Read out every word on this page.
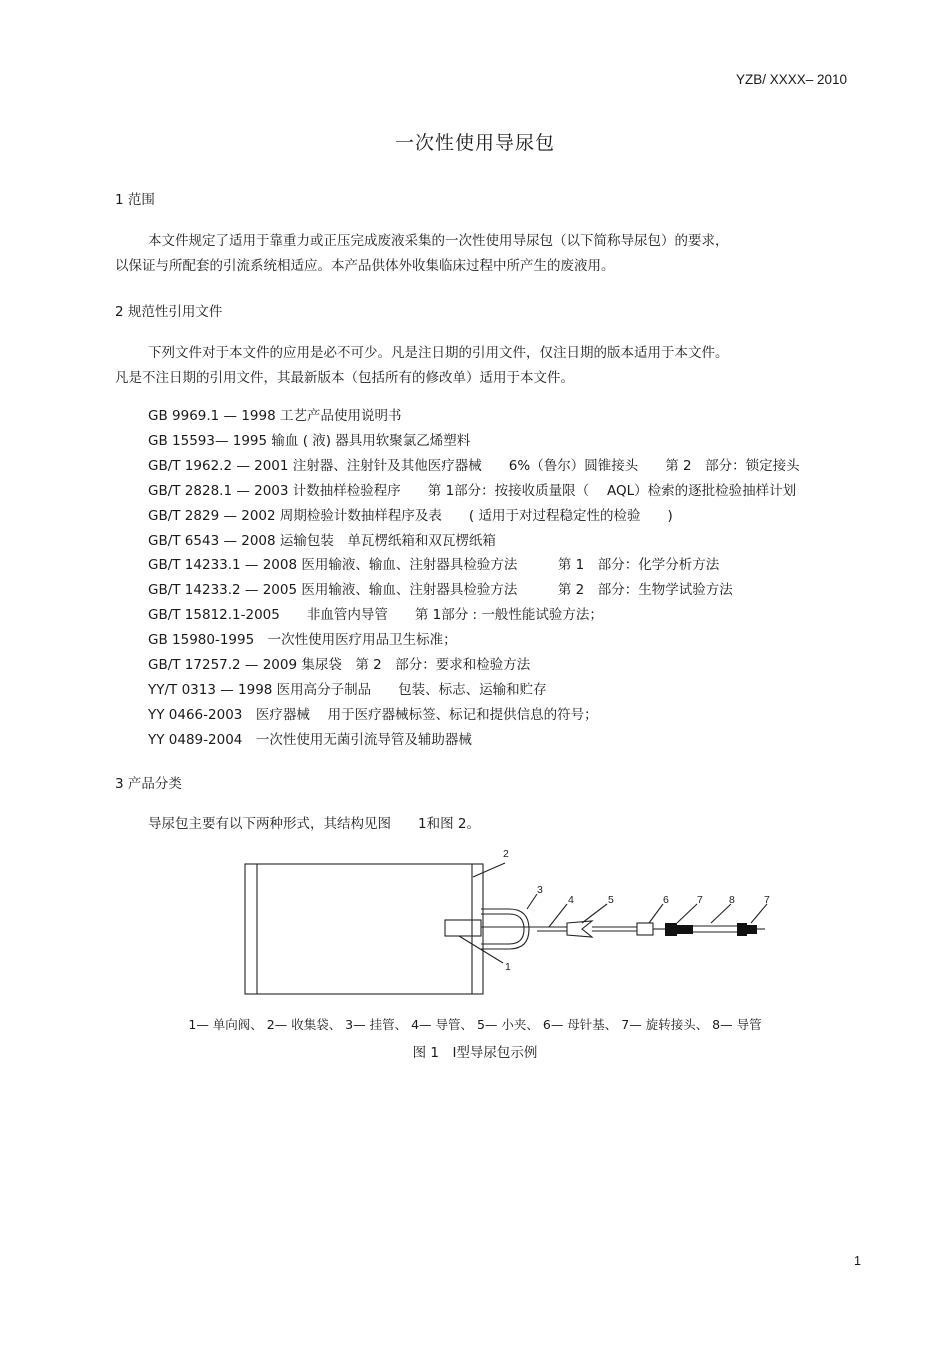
YZB/ XXXX– 2010
一次性使用导尿包
1 范围
本文件规定了适用于靠重力或正压完成废液采集的一次性使用导尿包（以下简称导尿包）的要求，
以保证与所配套的引流系统相适应。本产品供体外收集临床过程中所产生的废液用。
2 规范性引用文件
下列文件对于本文件的应用是必不可少。凡是注日期的引用文件，仅注日期的版本适用于本文件。
凡是不注日期的引用文件，其最新版本（包括所有的修改单）适用于本文件。
GB 9969.1 — 1998 工艺产品使用说明书
GB 15593— 1995 输血 ( 液) 器具用软聚氯乙烯塑料
GB/T 1962.2 — 2001 注射器、注射针及其他医疗器械　　6%（鲁尔）圆锥接头　　第 2　部分：锁定接头
GB/T 2828.1 — 2003 计数抽样检验程序　　第 1部分：按接收质量限（　 AQL）检索的逐批检验抽样计划
GB/T 2829 — 2002 周期检验计数抽样程序及表　　( 适用于对过程稳定性的检验　　)
GB/T 6543 — 2008 运输包装　单瓦楞纸箱和双瓦楞纸箱
GB/T 14233.1 — 2008 医用输液、输血、注射器具检验方法　　　第 1　部分：化学分析方法
GB/T 14233.2 — 2005 医用输液、输血、注射器具检验方法　　　第 2　部分：生物学试验方法
GB/T 15812.1-2005　　非血管内导管　　第 1部分 : 一般性能试验方法；
GB 15980-1995　一次性使用医疗用品卫生标准；
GB/T 17257.2 — 2009 集尿袋　第 2　部分：要求和检验方法
YY/T 0313 — 1998 医用高分子制品　　包装、标志、运输和贮存
YY 0466-2003　医疗器械　 用于医疗器械标签、标记和提供信息的符号；
YY 0489-2004　一次性使用无菌引流导管及辅助器械
3 产品分类
导尿包主要有以下两种形式，其结构见图　　1和图 2。
2
3
4	5	6	7 8	7
1
1— 单向阀、 2— 收集袋、 3— 挂管、 4— 导管、 5— 小夹、 6— 母针基、 7— 旋转接头、 8— 导管
图 1　Ⅰ型导尿包示例
1
